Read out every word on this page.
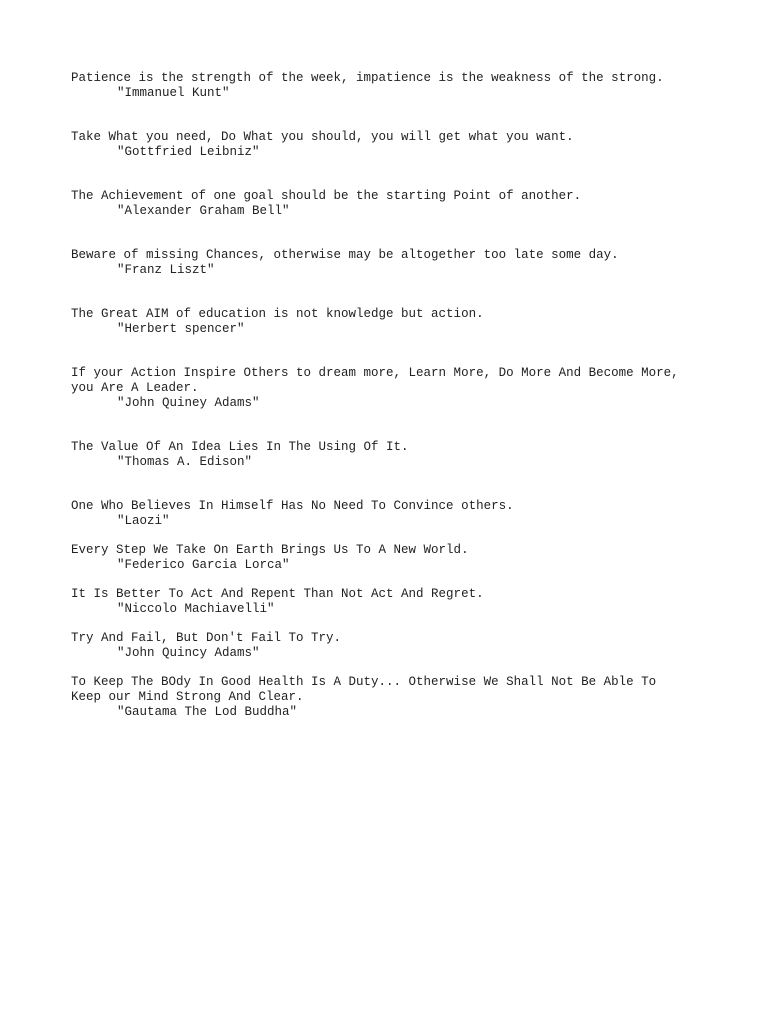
Patience is the strength of the week, impatience is the weakness of the strong.

"Immanuel Kunt"

Take What you need, Do What you should, you will get what you want.

"Gottfried Leibniz"

The Achievement of one goal should be the starting Point of another.

"Alexander Graham Bell"

Beware of missing Chances, otherwise may be altogether too late some day.

"Franz Liszt"

The Great AIM of education is not knowledge but action.

"Herbert spencer"

If your Action Inspire Others to dream more, Learn More, Do More And Become More,
you Are A Leader.

"John Quiney Adams"

The Value Of An Idea Lies In The Using Of It.

"Thomas A. Edison"

One Who Believes In Himself Has No Need To Convince others.

"Laozi"

Every Step We Take On Earth Brings Us To A New World.

"Federico Garcia Lorca"

It Is Better To Act And Repent Than Not Act And Regret.

"Niccolo Machiavelli"

Try And Fail, But Don't Fail To Try.

"John Quincy Adams"

To Keep The BOdy In Good Health Is A Duty... Otherwise We Shall Not Be Able To
Keep our Mind Strong And Clear.

"Gautama The Lod Buddha"
